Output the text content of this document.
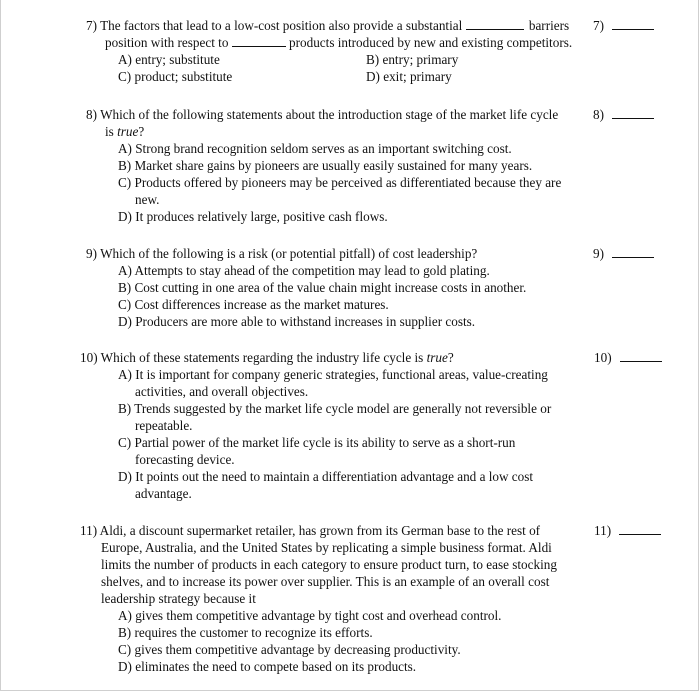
7) The factors that lead to a low-cost position also provide a substantial	barriers
position with respect to	products introduced by new and existing competitors.
A) entry; substitute	B) entry; primary
C) product; substitute	D) exit; primary
7)
8) Which of the following statements about the introduction stage of the market life cycle
is true?
A) Strong brand recognition seldom serves as an important switching cost.
B) Market share gains by pioneers are usually easily sustained for many years.
C) Products offered by pioneers may be perceived as differentiated because they are
new.
D) It produces relatively large, positive cash flows.
8)
9) Which of the following is a risk (or potential pitfall) of cost leadership?
A) Attempts to stay ahead of the competition may lead to gold plating.
B) Cost cutting in one area of the value chain might increase costs in another.
C) Cost differences increase as the market matures.
D) Producers are more able to withstand increases in supplier costs.
9)
10) Which of these statements regarding the industry life cycle is true?
A) It is important for company generic strategies, functional areas, value-creating
activities, and overall objectives.
B) Trends suggested by the market life cycle model are generally not reversible or
repeatable.
C) Partial power of the market life cycle is its ability to serve as a short-run
forecasting device.
D) It points out the need to maintain a differentiation advantage and a low cost
advantage.
10)
11) Aldi, a discount supermarket retailer, has grown from its German base to the rest of
Europe, Australia, and the United States by replicating a simple business format. Aldi
limits the number of products in each category to ensure product turn, to ease stocking
shelves, and to increase its power over supplier. This is an example of an overall cost
leadership strategy because it
A) gives them competitive advantage by tight cost and overhead control.
B) requires the customer to recognize its efforts.
C) gives them competitive advantage by decreasing productivity.
D) eliminates the need to compete based on its products.
11)
